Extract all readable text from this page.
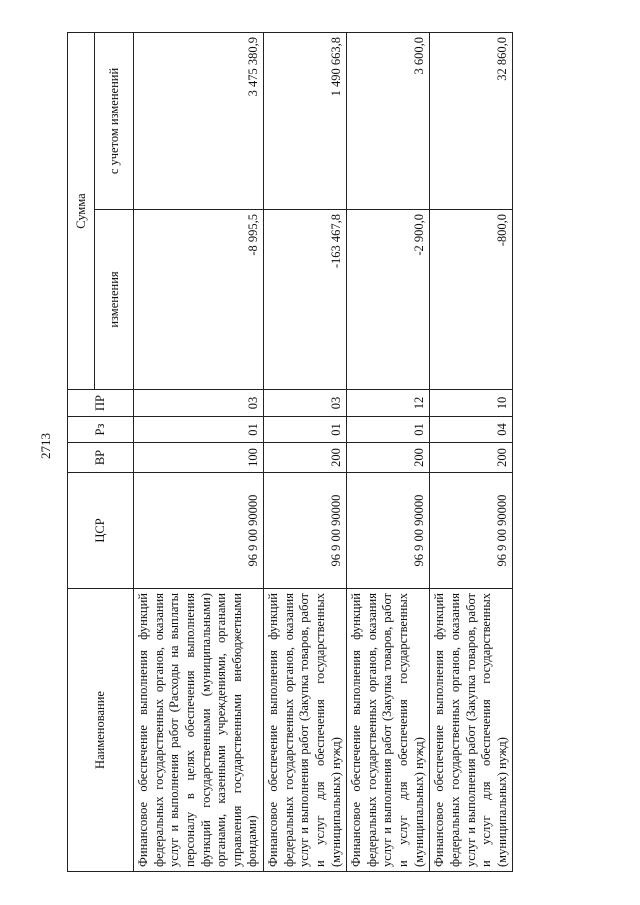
2713
Наименование	ЦСР	ВР	Рз	ПР	Сумма	
					изменения	с учетом изменений
Финансовое обеспечение выполнения функций федеральных государственных органов, оказания услуг и выполнения работ (Расходы на выплаты персоналу в целях обеспечения выполнения функций государственными (муниципальными) органами, казенными учреждениями, органами управления государственными внебюджетными фондами)	96 9 00 90000	100	01	03	-8 995,5	3 475 380,9
Финансовое обеспечение выполнения функций федеральных государственных органов, оказания услуг и выполнения работ (Закупка товаров, работ и услуг для обеспечения государственных (муниципальных) нужд)	96 9 00 90000	200	01	03	-163 467,8	1 490 663,8
Финансовое обеспечение выполнения функций федеральных государственных органов, оказания услуг и выполнения работ (Закупка товаров, работ и услуг для обеспечения государственных (муниципальных) нужд)	96 9 00 90000	200	01	12	-2 900,0	3 600,0
Финансовое обеспечение выполнения функций федеральных государственных органов, оказания услуг и выполнения работ (Закупка товаров, работ и услуг для обеспечения государственных (муниципальных) нужд)	96 9 00 90000	200	04	10	-800,0	32 860,0
